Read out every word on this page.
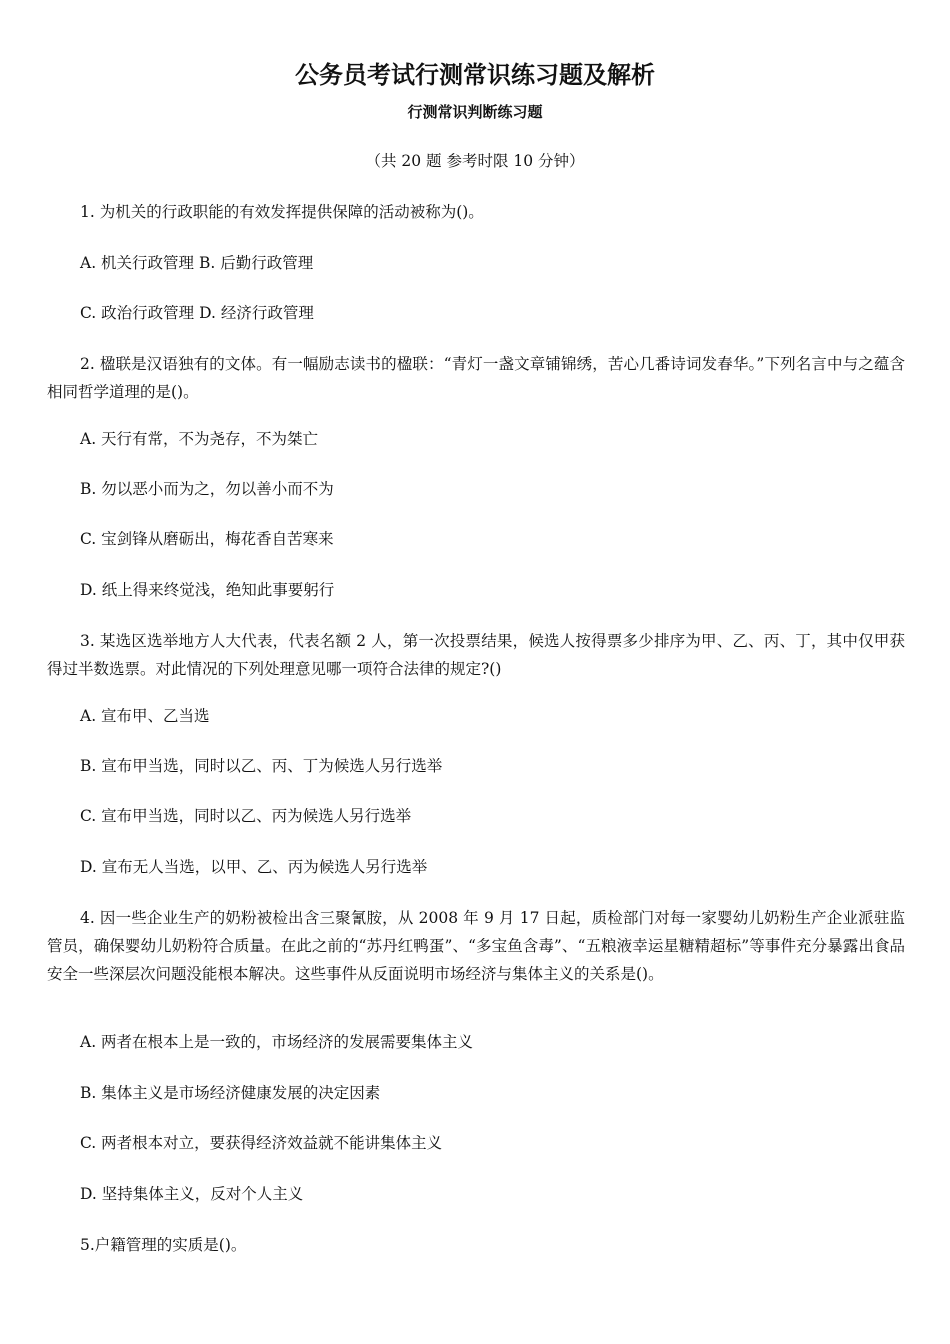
公务员考试行测常识练习题及解析
行测常识判断练习题
（共 20 题 参考时限 10 分钟）
1. 为机关的行政职能的有效发挥提供保障的活动被称为()。
A. 机关行政管理 B. 后勤行政管理
C. 政治行政管理 D. 经济行政管理
2. 楹联是汉语独有的文体。有一幅励志读书的楹联：“青灯一盏文章铺锦绣，苦心几番诗词发春华。”下列名言中与之蕴含相同哲学道理的是()。
A. 天行有常，不为尧存，不为桀亡
B. 勿以恶小而为之，勿以善小而不为
C. 宝剑锋从磨砺出，梅花香自苦寒来
D. 纸上得来终觉浅，绝知此事要躬行
3. 某选区选举地方人大代表，代表名额 2 人，第一次投票结果，候选人按得票多少排序为甲、乙、丙、丁，其中仅甲获得过半数选票。对此情况的下列处理意见哪一项符合法律的规定?()
A. 宣布甲、乙当选
B. 宣布甲当选，同时以乙、丙、丁为候选人另行选举
C. 宣布甲当选，同时以乙、丙为候选人另行选举
D. 宣布无人当选，以甲、乙、丙为候选人另行选举
4. 因一些企业生产的奶粉被检出含三聚氰胺，从 2008 年 9 月 17 日起，质检部门对每一家婴幼儿奶粉生产企业派驻监管员，确保婴幼儿奶粉符合质量。在此之前的“苏丹红鸭蛋”、“多宝鱼含毒”、“五粮液幸运星糖精超标”等事件充分暴露出食品安全一些深层次问题没能根本解决。这些事件从反面说明市场经济与集体主义的关系是()。
A. 两者在根本上是一致的，市场经济的发展需要集体主义
B. 集体主义是市场经济健康发展的决定因素
C. 两者根本对立，要获得经济效益就不能讲集体主义
D. 坚持集体主义，反对个人主义
5.户籍管理的实质是()。
